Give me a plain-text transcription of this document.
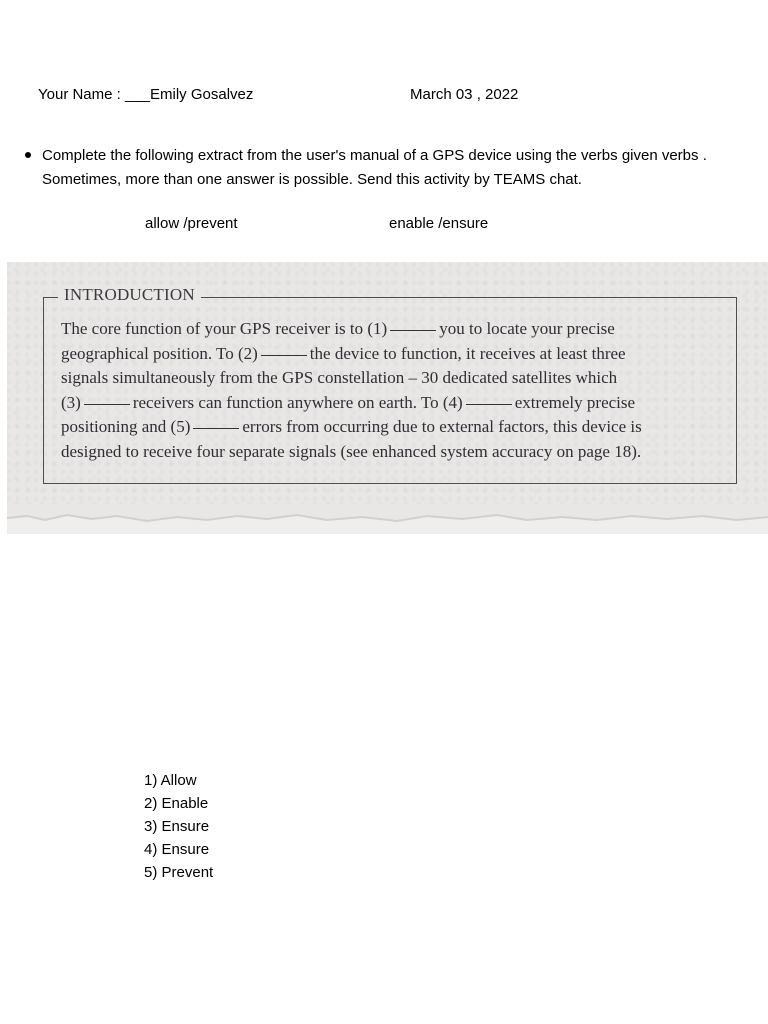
Your Name : ___Emily Gosalvez	March 03 , 2022
Complete the following extract from the user's manual of a GPS device using the verbs given verbs .
Sometimes, more than one answer is possible. Send this activity by TEAMS chat.
allow /prevent	enable /ensure
INTRODUCTION
The core function of your GPS receiver is to (1)	you to locate your precise
geographical position. To (2)	the device to function, it receives at least three
signals simultaneously from the GPS constellation – 30 dedicated satellites which
(3)	receivers can function anywhere on earth. To (4)	extremely precise
positioning and (5)	errors from occurring due to external factors, this device is
designed to receive four separate signals (see enhanced system accuracy on page 18).
1) Allow
2) Enable
3) Ensure
4) Ensure
5) Prevent
